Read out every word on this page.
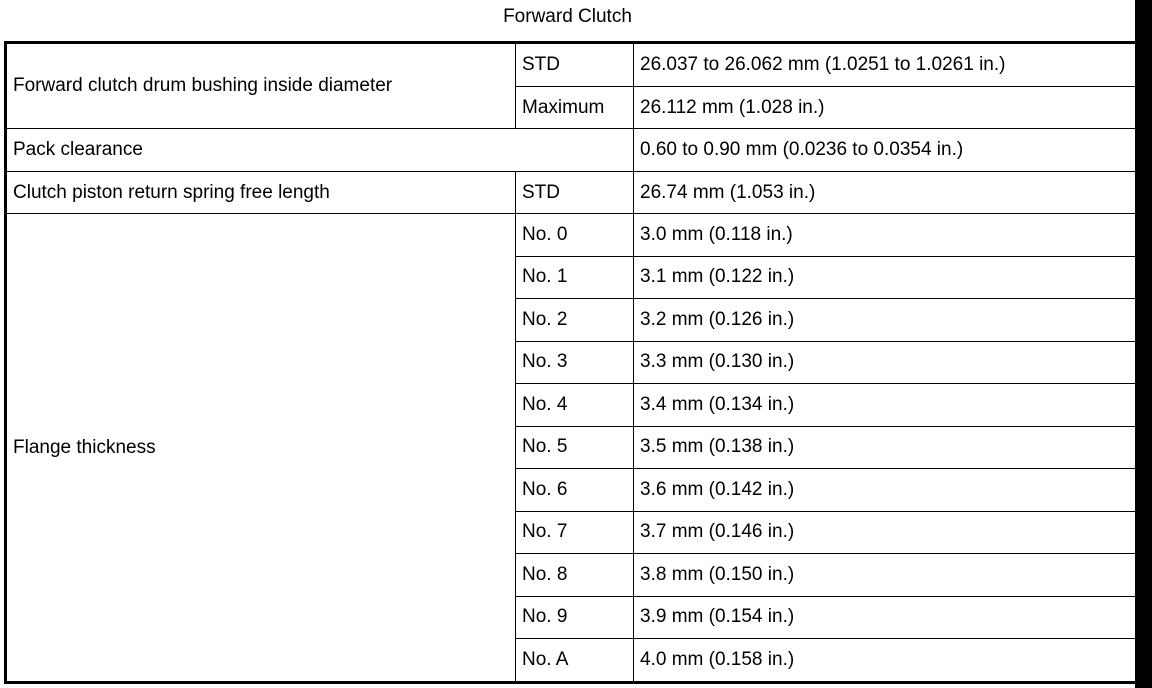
Forward Clutch
Forward clutch drum bushing inside diameter	STD	26.037 to 26.062 mm (1.0251 to 1.0261 in.)
	Maximum	26.112 mm (1.028 in.)
Pack clearance		0.60 to 0.90 mm (0.0236 to 0.0354 in.)
Clutch piston return spring free length	STD	26.74 mm (1.053 in.)
Flange thickness	No. 0	3.0 mm (0.118 in.)
	No. 1	3.1 mm (0.122 in.)
	No. 2	3.2 mm (0.126 in.)
	No. 3	3.3 mm (0.130 in.)
	No. 4	3.4 mm (0.134 in.)
	No. 5	3.5 mm (0.138 in.)
	No. 6	3.6 mm (0.142 in.)
	No. 7	3.7 mm (0.146 in.)
	No. 8	3.8 mm (0.150 in.)
	No. 9	3.9 mm (0.154 in.)
	No. A	4.0 mm (0.158 in.)
